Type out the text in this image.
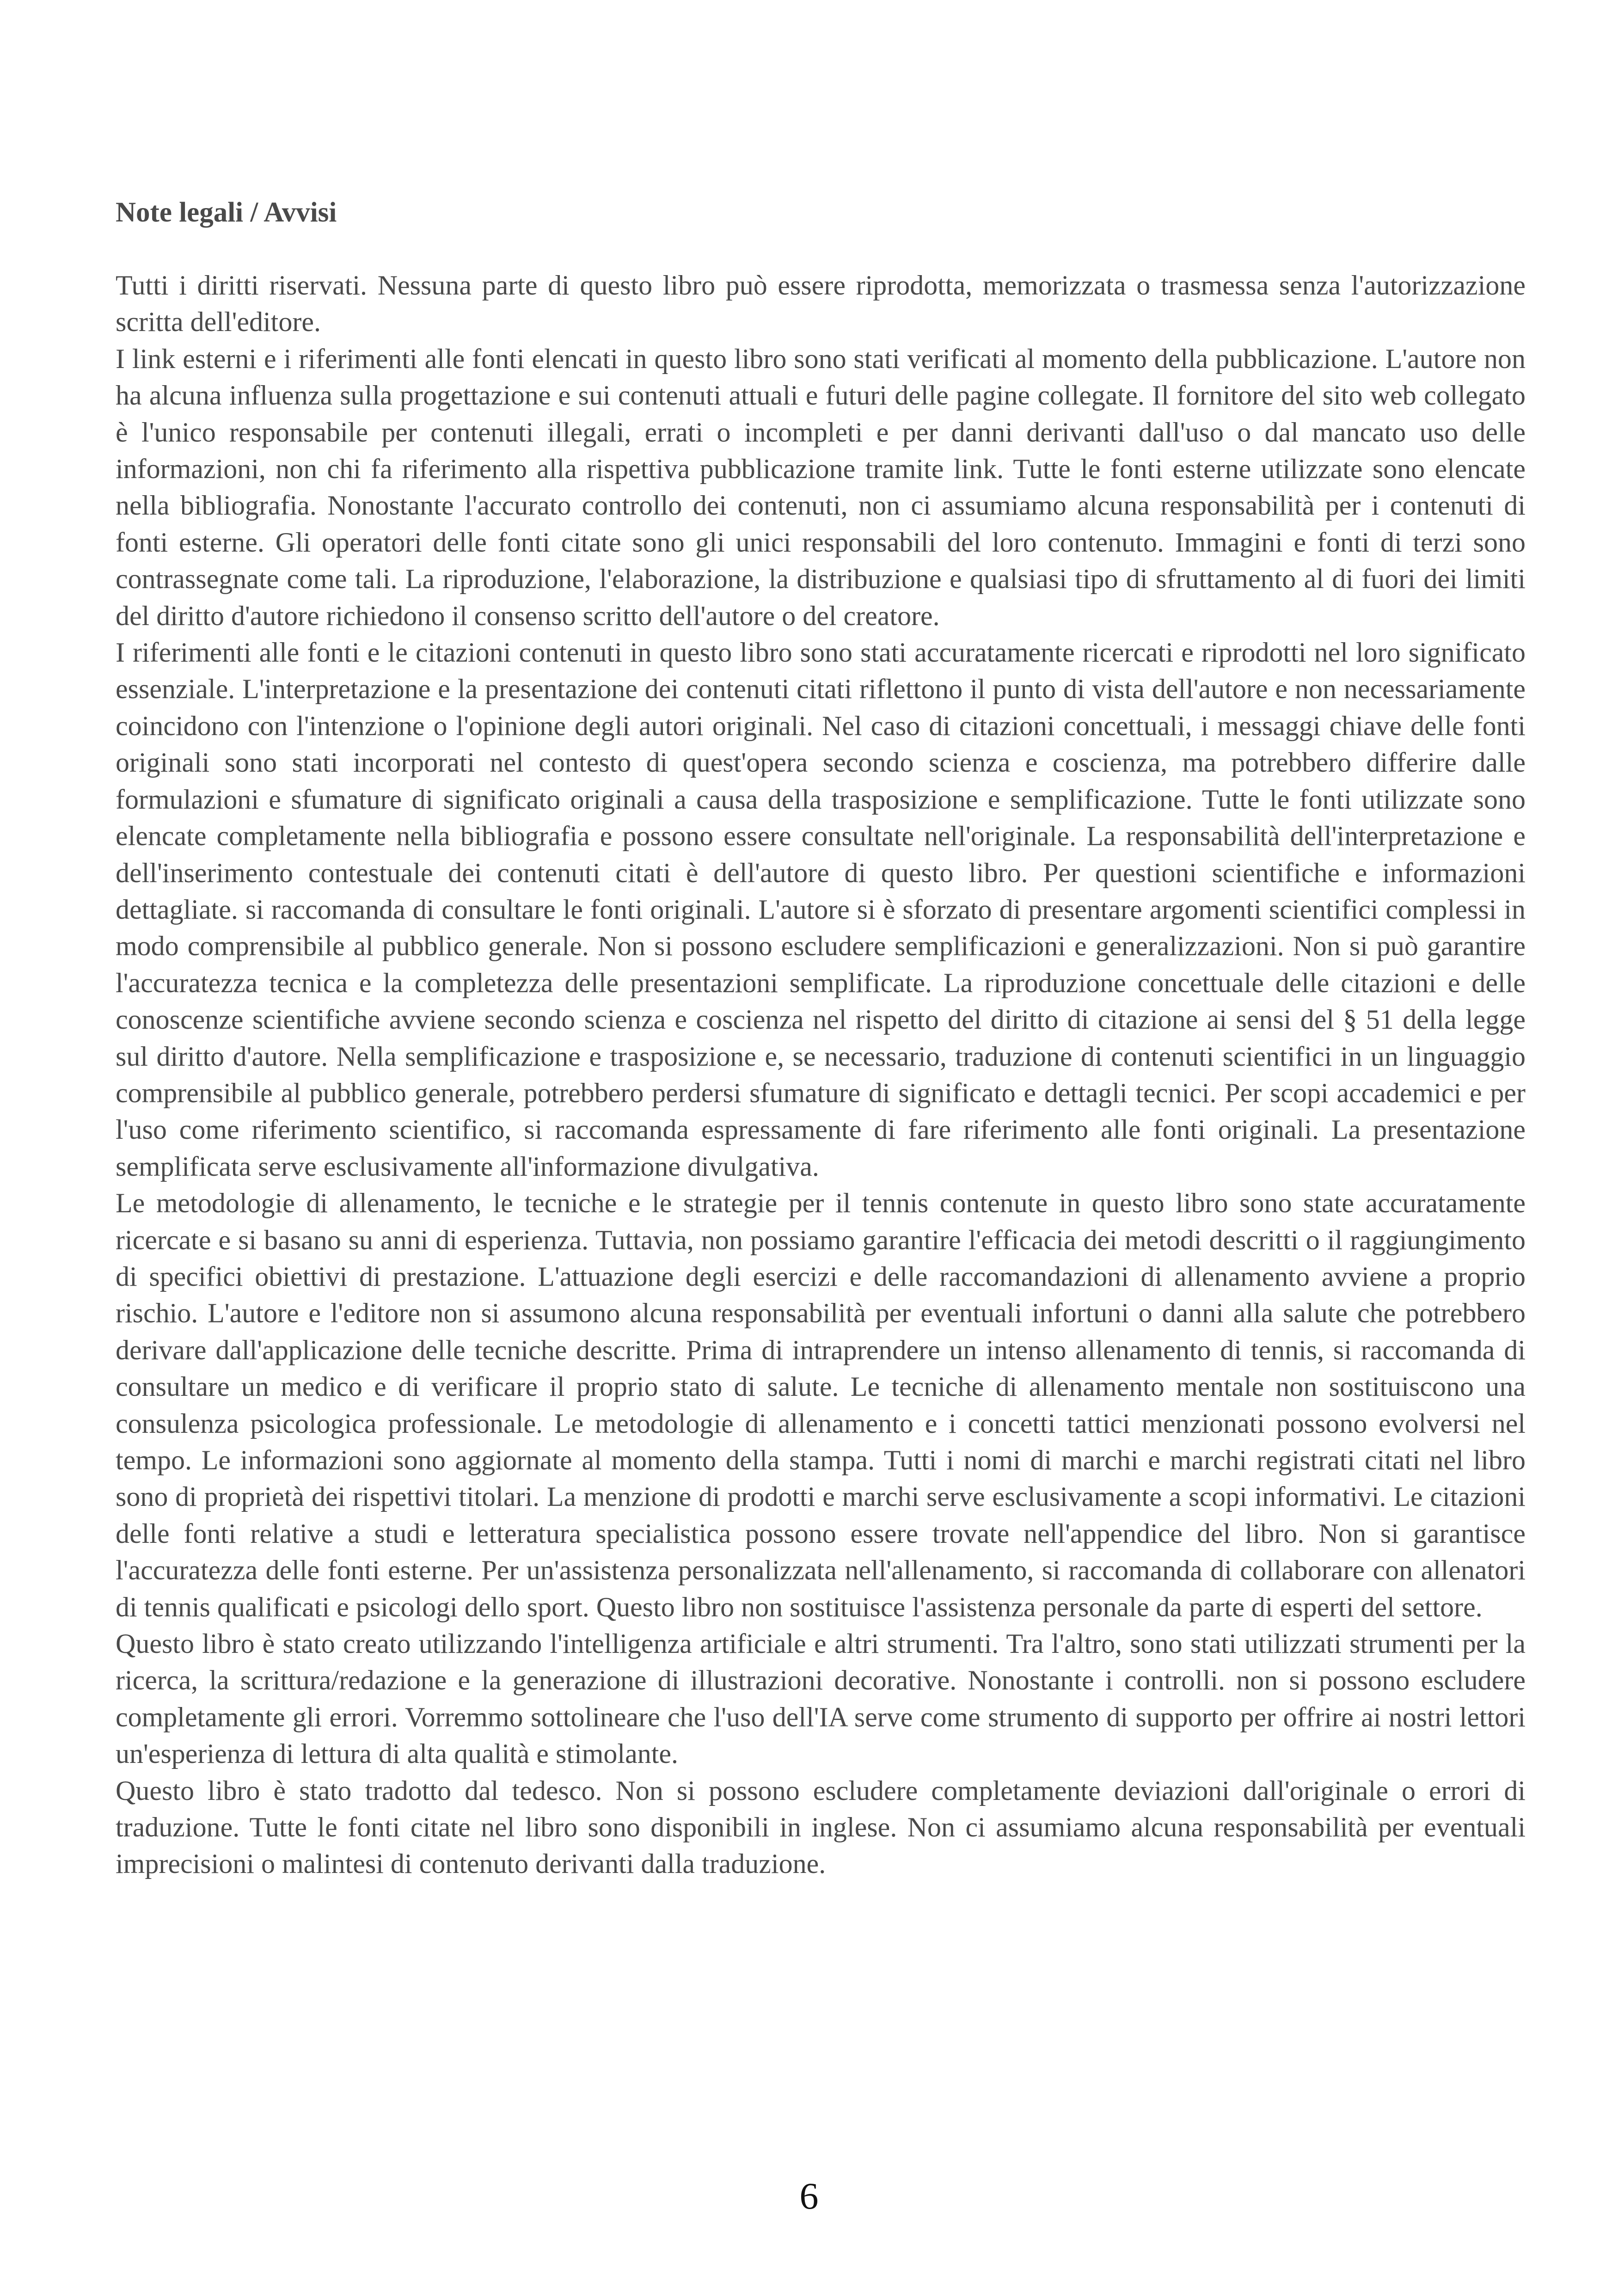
Note legali / Avvisi

Tutti i diritti riservati. Nessuna parte di questo libro può essere riprodotta, memorizzata o trasmessa senza l'autorizzazione scritta dell'editore.

I link esterni e i riferimenti alle fonti elencati in questo libro sono stati verificati al momento della pubblicazione. L'autore non ha alcuna influenza sulla progettazione e sui contenuti attuali e futuri delle pagine collegate. Il fornitore del sito web collegato è l'unico responsabile per contenuti illegali, errati o incompleti e per danni derivanti dall'uso o dal mancato uso delle informazioni, non chi fa riferimento alla rispettiva pubblicazione tramite link. Tutte le fonti esterne utilizzate sono elencate nella bibliografia. Nonostante l'accurato controllo dei contenuti, non ci assumiamo alcuna responsabilità per i contenuti di fonti esterne. Gli operatori delle fonti citate sono gli unici responsabili del loro contenuto. Immagini e fonti di terzi sono contrassegnate come tali. La riproduzione, l'elaborazione, la distribuzione e qualsiasi tipo di sfruttamento al di fuori dei limiti del diritto d'autore richiedono il consenso scritto dell'autore o del creatore.

I riferimenti alle fonti e le citazioni contenuti in questo libro sono stati accuratamente ricercati e riprodotti nel loro significato essenziale. L'interpretazione e la presentazione dei contenuti citati riflettono il punto di vista dell'autore e non necessariamente coincidono con l'intenzione o l'opinione degli autori originali. Nel caso di citazioni concettuali, i messaggi chiave delle fonti originali sono stati incorporati nel contesto di quest'opera secondo scienza e coscienza, ma potrebbero differire dalle formulazioni e sfumature di significato originali a causa della trasposizione e semplificazione. Tutte le fonti utilizzate sono elencate completamente nella bibliografia e possono essere consultate nell'originale. La responsabilità dell'interpretazione e dell'inserimento contestuale dei contenuti citati è dell'autore di questo libro. Per questioni scientifiche e informazioni dettagliate. si raccomanda di consultare le fonti originali. L'autore si è sforzato di presentare argomenti scientifici complessi in modo comprensibile al pubblico generale. Non si possono escludere semplificazioni e generalizzazioni. Non si può garantire l'accuratezza tecnica e la completezza delle presentazioni semplificate. La riproduzione concettuale delle citazioni e delle conoscenze scientifiche avviene secondo scienza e coscienza nel rispetto del diritto di citazione ai sensi del § 51 della legge sul diritto d'autore. Nella semplificazione e trasposizione e, se necessario, traduzione di contenuti scientifici in un linguaggio comprensibile al pubblico generale, potrebbero perdersi sfumature di significato e dettagli tecnici. Per scopi accademici e per l'uso come riferimento scientifico, si raccomanda espressamente di fare riferimento alle fonti originali. La presentazione semplificata serve esclusivamente all'informazione divulgativa.

Le metodologie di allenamento, le tecniche e le strategie per il tennis contenute in questo libro sono state accuratamente ricercate e si basano su anni di esperienza. Tuttavia, non possiamo garantire l'efficacia dei metodi descritti o il raggiungimento di specifici obiettivi di prestazione. L'attuazione degli esercizi e delle raccomandazioni di allenamento avviene a proprio rischio. L'autore e l'editore non si assumono alcuna responsabilità per eventuali infortuni o danni alla salute che potrebbero derivare dall'applicazione delle tecniche descritte. Prima di intraprendere un intenso allenamento di tennis, si raccomanda di consultare un medico e di verificare il proprio stato di salute. Le tecniche di allenamento mentale non sostituiscono una consulenza psicologica professionale. Le metodologie di allenamento e i concetti tattici menzionati possono evolversi nel tempo. Le informazioni sono aggiornate al momento della stampa. Tutti i nomi di marchi e marchi registrati citati nel libro sono di proprietà dei rispettivi titolari. La menzione di prodotti e marchi serve esclusivamente a scopi informativi. Le citazioni delle fonti relative a studi e letteratura specialistica possono essere trovate nell'appendice del libro. Non si garantisce l'accuratezza delle fonti esterne. Per un'assistenza personalizzata nell'allenamento, si raccomanda di collaborare con allenatori di tennis qualificati e psicologi dello sport. Questo libro non sostituisce l'assistenza personale da parte di esperti del settore.

Questo libro è stato creato utilizzando l'intelligenza artificiale e altri strumenti. Tra l'altro, sono stati utilizzati strumenti per la ricerca, la scrittura/redazione e la generazione di illustrazioni decorative. Nonostante i controlli. non si possono escludere completamente gli errori. Vorremmo sottolineare che l'uso dell'IA serve come strumento di supporto per offrire ai nostri lettori un'esperienza di lettura di alta qualità e stimolante.

Questo libro è stato tradotto dal tedesco. Non si possono escludere completamente deviazioni dall'originale o errori di traduzione. Tutte le fonti citate nel libro sono disponibili in inglese. Non ci assumiamo alcuna responsabilità per eventuali imprecisioni o malintesi di contenuto derivanti dalla traduzione.

6
